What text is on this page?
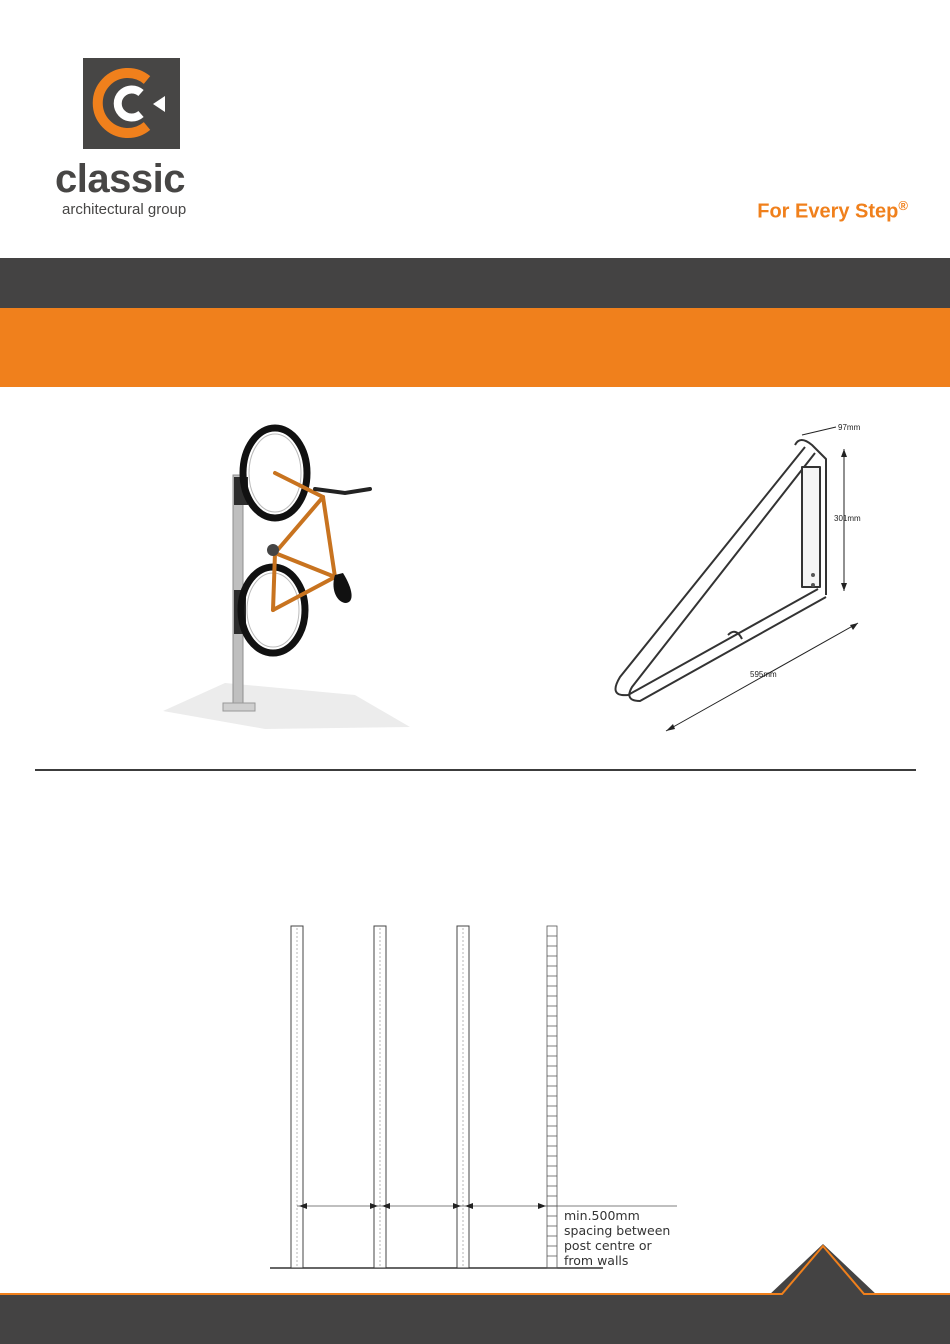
classic
architectural group	For Every Step®
97mm
301mm
595mm
min.500mm
spacing between
post centre or
from walls
